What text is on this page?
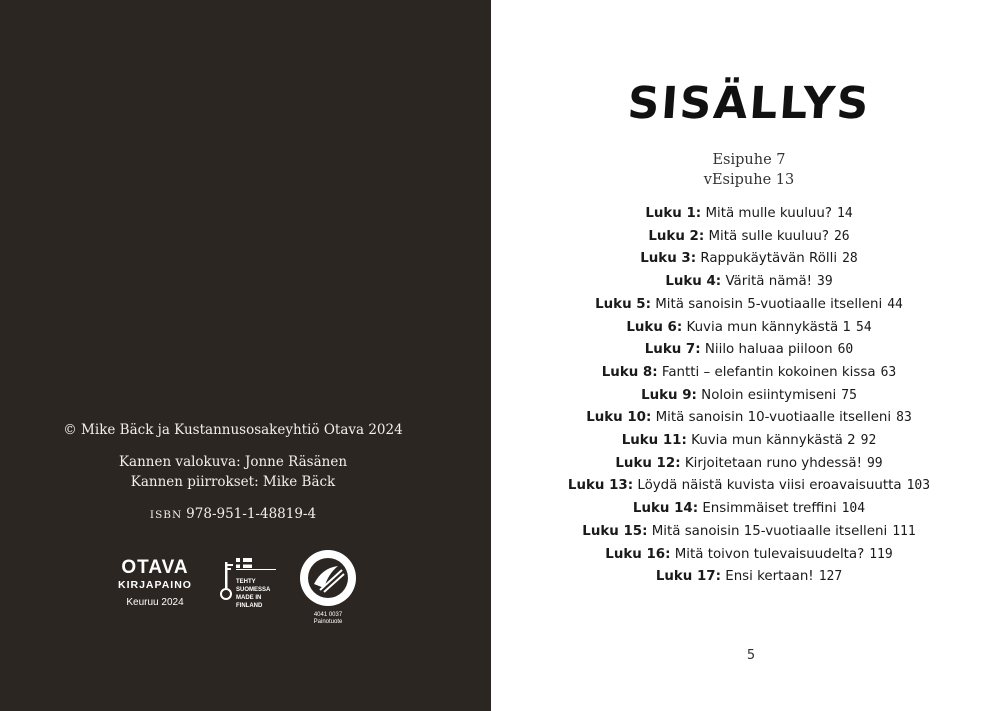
© Mike Bäck ja Kustannusosakeyhtiö Otava 2024
Kannen valokuva: Jonne Räsänen
Kannen piirrokset: Mike Bäck
ISBN 978-951-1-48819-4
OTAVA
KIRJAPAINO
Keuruu 2024
TEHTY SUOMESSA MADE IN FINLAND
4041 0037
Painotuote
SISÄLLYS
Esipuhe 7
vEsipuhe 13
Luku 1: Mitä mulle kuuluu? 14
Luku 2: Mitä sulle kuuluu? 26
Luku 3: Rappukäytävän Rölli 28
Luku 4: Väritä nämä! 39
Luku 5: Mitä sanoisin 5-vuotiaalle itselleni 44
Luku 6: Kuvia mun kännykästä 1 54
Luku 7: Niilo haluaa piiloon 60
Luku 8: Fantti – elefantin kokoinen kissa 63
Luku 9: Noloin esiintymiseni 75
Luku 10: Mitä sanoisin 10-vuotiaalle itselleni 83
Luku 11: Kuvia mun kännykästä 2 92
Luku 12: Kirjoitetaan runo yhdessä! 99
Luku 13: Löydä näistä kuvista viisi eroavaisuutta 103
Luku 14: Ensimmäiset treffini 104
Luku 15: Mitä sanoisin 15-vuotiaalle itselleni 111
Luku 16: Mitä toivon tulevaisuudelta? 119
Luku 17: Ensi kertaan! 127
5
